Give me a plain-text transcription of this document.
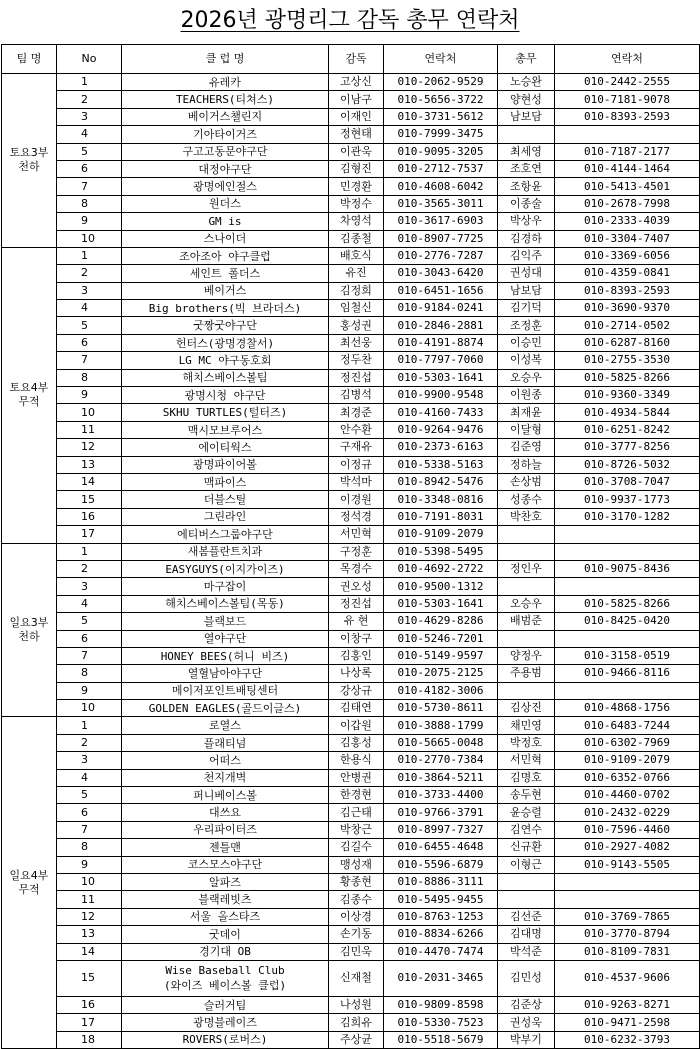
2026년 광명리그 감독 총무 연락처
팀 명	No	클 럽 명	감독	연락처	총무	연락처
토요3부
천하	1	유레카	고상신	010-2062-9529	노승완	010-2442-2555
	2	TEACHERS(티쳐스)	이남구	010-5656-3722	양현성	010-7181-9078
	3	베이거스챌린지	이재인	010-3731-5612	남보담	010-8393-2593
	4	기아타이거즈	정현태	010-7999-3475		
	5	구고고동문야구단	이관욱	010-9095-3205	최세영	010-7187-2177
	6	대정야구단	김형진	010-2712-7537	조호연	010-4144-1464
	7	광명에인절스	민경환	010-4608-6042	조항윤	010-5413-4501
	8	원더스	박정수	010-3565-3011	이종술	010-2678-7998
	9	GM is	차영석	010-3617-6903	박상우	010-2333-4039
	10	스나이더	김종철	010-8907-7725	김경하	010-3304-7407
토요4부
무적	1	조아조아 야구클럽	배호식	010-2776-7287	김익주	010-3369-6056
	2	세인트 폴더스	유진	010-3043-6420	권성대	010-4359-0841
	3	베이거스	김정희	010-6451-1656	남보담	010-8393-2593
	4	Big brothers(빅 브라더스)	임철신	010-9184-0241	김기덕	010-3690-9370
	5	굿짱굿야구단	홍성권	010-2846-2881	조정훈	010-2714-0502
	6	헌터스(광명경찰서)	최선웅	010-4191-8874	이승민	010-6287-8160
	7	LG MC 야구동호회	정두찬	010-7797-7060	이성복	010-2755-3530
	8	해치스베이스볼팀	정진섭	010-5303-1641	오승우	010-5825-8266
	9	광명시청 야구단	김병석	010-9900-9548	이원종	010-9360-3349
	10	SKHU TURTLES(털터즈)	최경준	010-4160-7433	최재윤	010-4934-5844
	11	맥시모브루어스	안수환	010-9264-9476	이달형	010-6251-8242
	12	에이티웍스	구재유	010-2373-6163	김준영	010-3777-8256
	13	광명파이어볼	이정규	010-5338-5163	정하늘	010-8726-5032
	14	맥파이스	박석마	010-8942-5476	손상범	010-3708-7047
	15	더블스틸	이경원	010-3348-0816	성종수	010-9937-1773
	16	그린라인	정석경	010-7191-8031	박찬호	010-3170-1282
	17	에티버스그룹야구단	서민혁	010-9109-2079		
일요3부
천하	1	새봄플란트치과	구정훈	010-5398-5495		
	2	EASYGUYS(이지가이즈)	목경수	010-4692-2722	정인우	010-9075-8436
	3	마구잡이	권오성	010-9500-1312		
	4	해치스베이스볼팀(목동)	정진섭	010-5303-1641	오승우	010-5825-8266
	5	블랙보드	유 현	010-4629-8286	배범준	010-8425-0420
	6	열야구단	이창구	010-5246-7201		
	7	HONEY BEES(허니 비즈)	김홍인	010-5149-9597	양정우	010-3158-0519
	8	열혈남아야구단	나상록	010-2075-2125	주용범	010-9466-8116
	9	메이저포인트배팅센터	강상규	010-4182-3006		
	10	GOLDEN EAGLES(골드이글스)	김태연	010-5730-8611	김상진	010-4868-1756
일요4부
무적	1	로열스	이갑원	010-3888-1799	채민영	010-6483-7244
	2	플래티넘	김홍성	010-5665-0048	박정호	010-6302-7969
	3	어떠스	한용식	010-2770-7384	서민혁	010-9109-2079
	4	천지개벽	안병권	010-3864-5211	김명호	010-6352-0766
	5	퍼니베이스볼	한경현	010-3733-4400	송두현	010-4460-0702
	6	대쓰요	김근태	010-9766-3791	윤승렬	010-2432-0229
	7	우리파이터즈	박창근	010-8997-7327	김연수	010-7596-4460
	8	젠틀맨	김길수	010-6455-4648	신규환	010-2927-4082
	9	코스모스야구단	맹성재	010-5596-6879	이형근	010-9143-5505
	10	알파즈	황종현	010-8886-3111		
	11	블랙레빗츠	김종수	010-5495-9455		
	12	서울 올스타즈	이상경	010-8763-1253	김선준	010-3769-7865
	13	굿데이	손기동	010-8834-6266	김대명	010-3770-8794
	14	경기대 OB	김민욱	010-4470-7474	박석준	010-8109-7831
	15	Wise Baseball Club
(와이즈 베이스볼 클럽)	신재철	010-2031-3465	김민성	010-4537-9606
	16	슬러거팀	나성원	010-9809-8598	김준상	010-9263-8271
	17	광명블레이즈	김희유	010-5330-7523	권성욱	010-9471-2598
	18	ROVERS(로버스)	주상균	010-5518-5679	박부기	010-6232-3793
